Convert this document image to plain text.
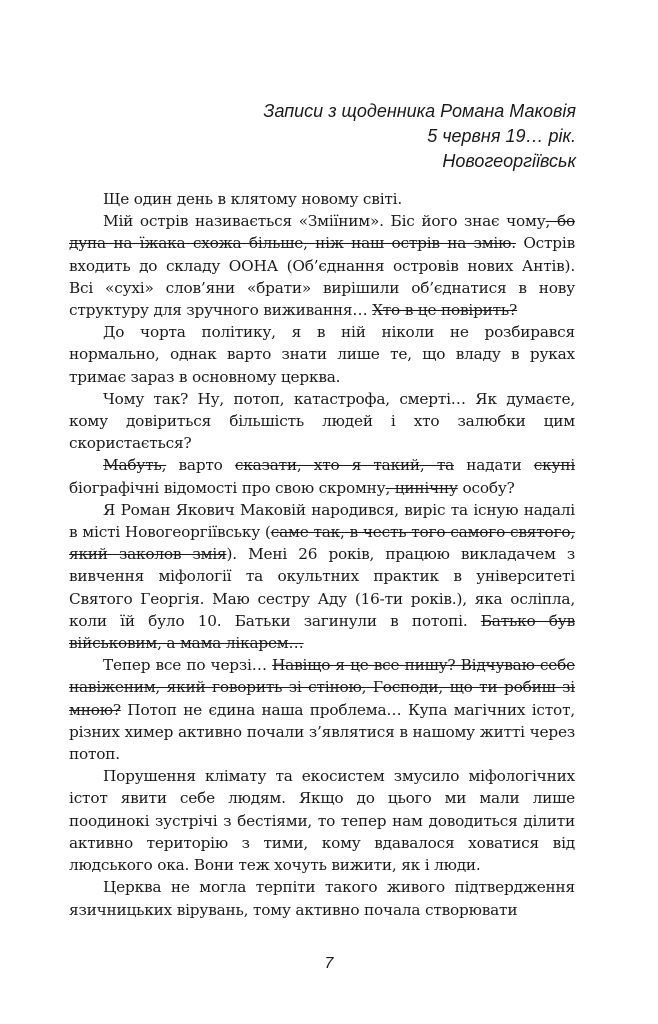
Записи з щоденника Романа Маковія
5 червня 19… рік.
Новогеоргіївськ

Ще один день в клятому новому світі.

Мій острів називається «Зміїним». Біс його знає чому, бо дупа на їжака схожа більше, ніж наш острів на змію. Острів входить до складу ООНА (Об’єднання островів нових Антів). Всі «сухі» слов’яни «брати» вирішили об’єднатися в нову структуру для зручного виживання… Хто в це повірить?

До чорта політику, я в ній ніколи не розбирався нормально, однак варто знати лише те, що владу в руках тримає зараз в основному церква.

Чому так? Ну, потоп, катастрофа, смерті… Як думаєте, кому довіриться більшість людей і хто залюбки цим скористається?

Мабуть, варто сказати, хто я такий, та надати скупі біографічні відомості про свою скромну, цинічну особу?

Я Роман Якович Маковій народився, виріс та існую надалі в місті Новогеоргіївську (саме так, в честь того самого святого, який заколов змія). Мені 26 років, працюю викладачем з вивчення міфології та окультних практик в університеті Святого Георгія. Маю сестру Аду (16-ти років.), яка осліпла, коли їй було 10. Батьки загинули в потопі. Батько був військовим, а мама лікарем…

Тепер все по черзі… Навіщо я це все пишу? Відчуваю себе навіженим, який говорить зі стіною, Господи, що ти робиш зі мною? Потоп не єдина наша проблема… Купа магічних істот, різних химер активно почали з’являтися в нашому житті через потоп.

Порушення клімату та екосистем змусило міфологічних істот явити себе людям. Якщо до цього ми мали лише поодинокі зустрічі з бестіями, то тепер нам доводиться ділити активно територію з тими, кому вдавалося ховатися від людського ока. Вони теж хочуть вижити, як і люди.

Церква не могла терпіти такого живого підтвердження язичницьких вірувань, тому активно почала створювати

7
